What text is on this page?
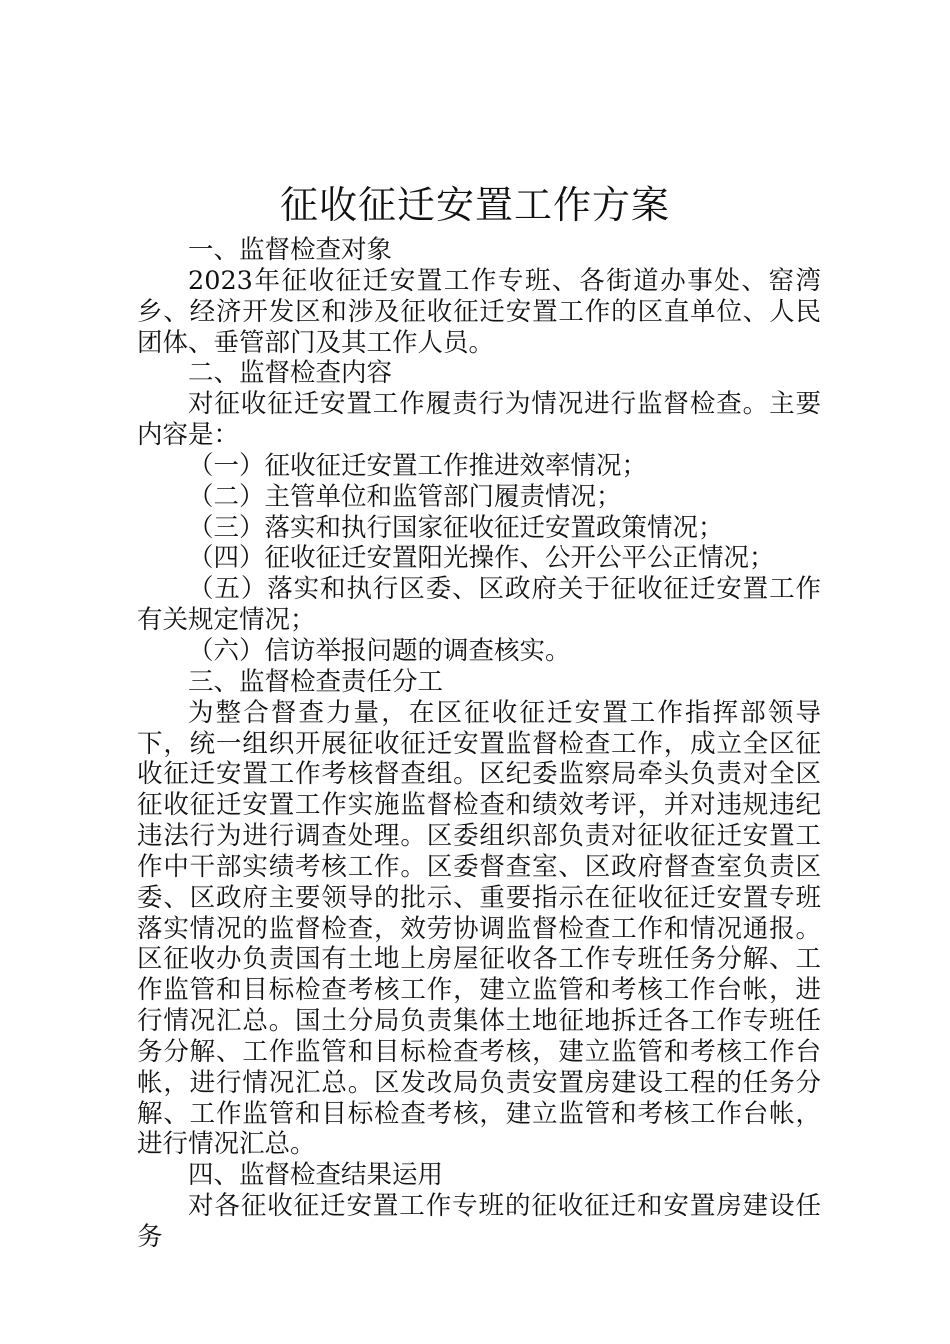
征收征迁安置工作方案

一、监督检查对象

2023年征收征迁安置工作专班、各街道办事处、窑湾乡、经济开发区和涉及征收征迁安置工作的区直单位、人民团体、垂管部门及其工作人员。

二、监督检查内容

对征收征迁安置工作履责行为情况进行监督检查。主要内容是：

（一）征收征迁安置工作推进效率情况；

（二）主管单位和监管部门履责情况；

（三）落实和执行国家征收征迁安置政策情况；

（四）征收征迁安置阳光操作、公开公平公正情况；

（五）落实和执行区委、区政府关于征收征迁安置工作有关规定情况；

（六）信访举报问题的调查核实。

三、监督检查责任分工

为整合督查力量，在区征收征迁安置工作指挥部领导下，统一组织开展征收征迁安置监督检查工作，成立全区征收征迁安置工作考核督查组。区纪委监察局牵头负责对全区征收征迁安置工作实施监督检查和绩效考评，并对违规违纪违法行为进行调查处理。区委组织部负责对征收征迁安置工作中干部实绩考核工作。区委督查室、区政府督查室负责区委、区政府主要领导的批示、重要指示在征收征迁安置专班落实情况的监督检查，效劳协调监督检查工作和情况通报。区征收办负责国有土地上房屋征收各工作专班任务分解、工作监管和目标检查考核工作，建立监管和考核工作台帐，进行情况汇总。国土分局负责集体土地征地拆迁各工作专班任务分解、工作监管和目标检查考核，建立监管和考核工作台帐，进行情况汇总。区发改局负责安置房建设工程的任务分解、工作监管和目标检查考核，建立监管和考核工作台帐，进行情况汇总。

四、监督检查结果运用

对各征收征迁安置工作专班的征收征迁和安置房建设任务
